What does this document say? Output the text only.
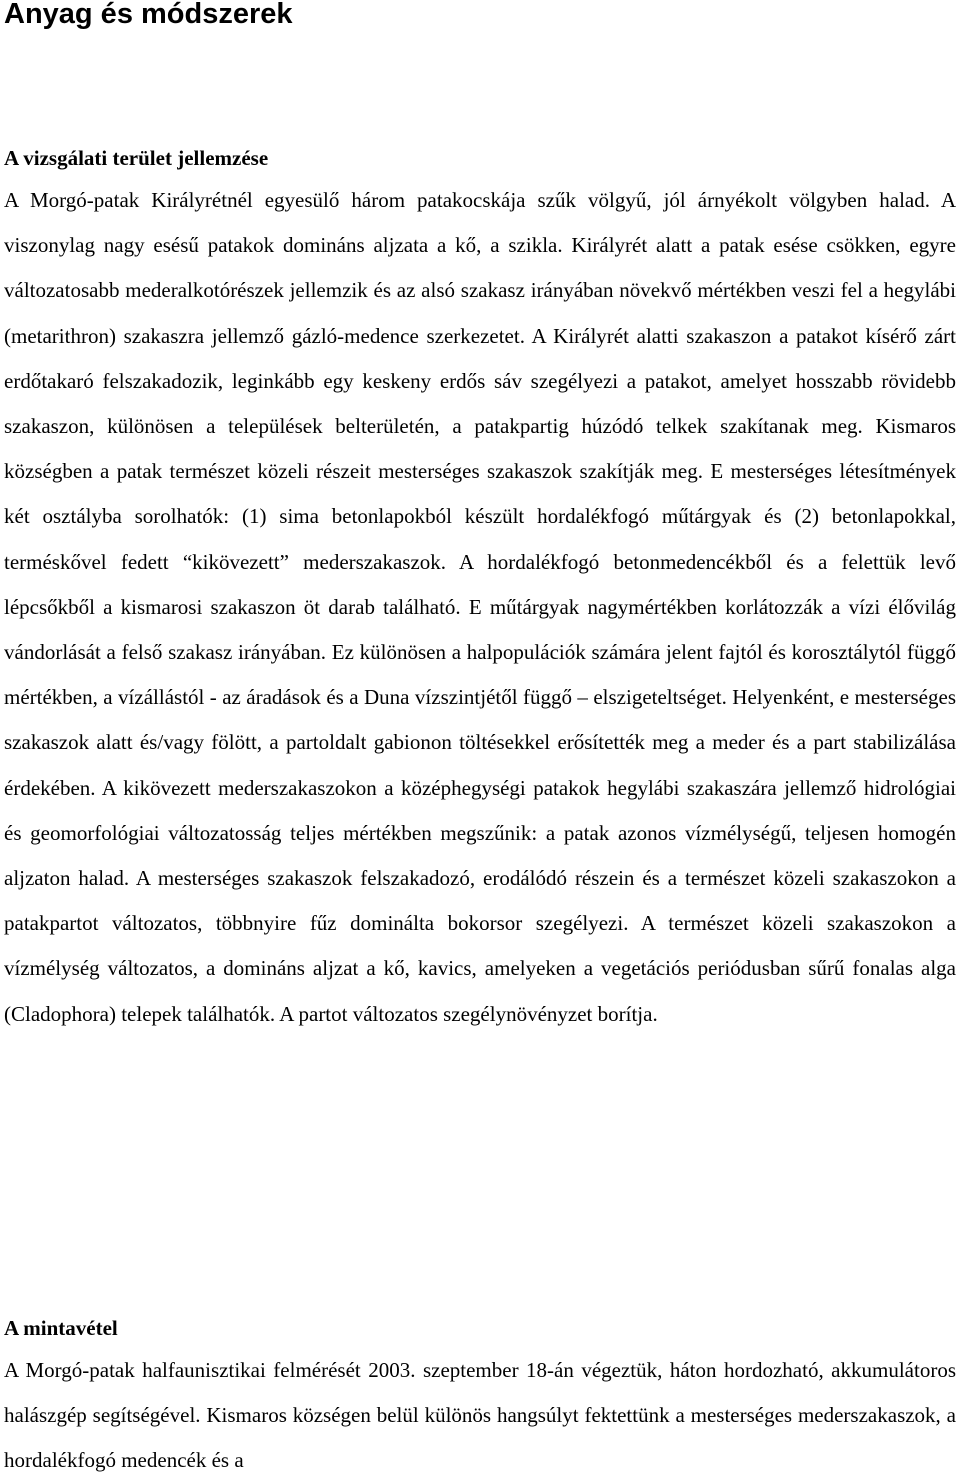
Anyag és módszerek
A vizsgálati terület jellemzése

A Morgó-patak Királyrétnél egyesülő három patakocskája szűk völgyű, jól árnyékolt völgyben halad. A viszonylag nagy esésű patakok domináns aljzata a kő, a szikla. Királyrét alatt a patak esése csökken, egyre változatosabb mederalkotórészek jellemzik és az alsó szakasz irányában növekvő mértékben veszi fel a hegylábi (metarithron) szakaszra jellemző gázló-medence szerkezetet. A Királyrét alatti szakaszon a patakot kísérő zárt erdőtakaró felszakadozik, leginkább egy keskeny erdős sáv szegélyezi a patakot, amelyet hosszabb rövidebb szakaszon, különösen a települések belterületén, a patakpartig húzódó telkek szakítanak meg. Kismaros községben a patak természet közeli részeit mesterséges szakaszok szakítják meg. E mesterséges létesítmények két osztályba sorolhatók: (1) sima betonlapokból készült hordalékfogó műtárgyak és (2) betonlapokkal, terméskővel fedett “kikövezett” mederszakaszok. A hordalékfogó betonmedencékből és a felettük levő lépcsőkből a kismarosi szakaszon öt darab található. E műtárgyak nagymértékben korlátozzák a vízi élővilág vándorlását a felső szakasz irányában. Ez különösen a halpopulációk számára jelent fajtól és korosztálytól függő mértékben, a vízállástól - az áradások és a Duna vízszintjétől függő – elszigeteltséget. Helyenként, e mesterséges szakaszok alatt és/vagy fölött, a partoldalt gabionon töltésekkel erősítették meg a meder és a part stabilizálása érdekében. A kikövezett mederszakaszokon a középhegységi patakok hegylábi szakaszára jellemző hidrológiai és geomorfológiai változatosság teljes mértékben megszűnik: a patak azonos vízmélységű, teljesen homogén aljzaton halad. A mesterséges szakaszok felszakadozó, erodálódó részein és a természet közeli szakaszokon a patakpartot változatos, többnyire fűz dominálta bokorsor szegélyezi. A természet közeli szakaszokon a vízmélység változatos, a domináns aljzat a kő, kavics, amelyeken a vegetációs periódusban sűrű fonalas alga (Cladophora) telepek találhatók. A partot változatos szegélynövényzet borítja.

A mintavétel

A Morgó-patak halfaunisztikai felmérését 2003. szeptember 18-án végeztük, háton hordozható, akkumulátoros halászgép segítségével. Kismaros községen belül különös hangsúlyt fektettünk a mesterséges mederszakaszok, a hordalékfogó medencék és a
